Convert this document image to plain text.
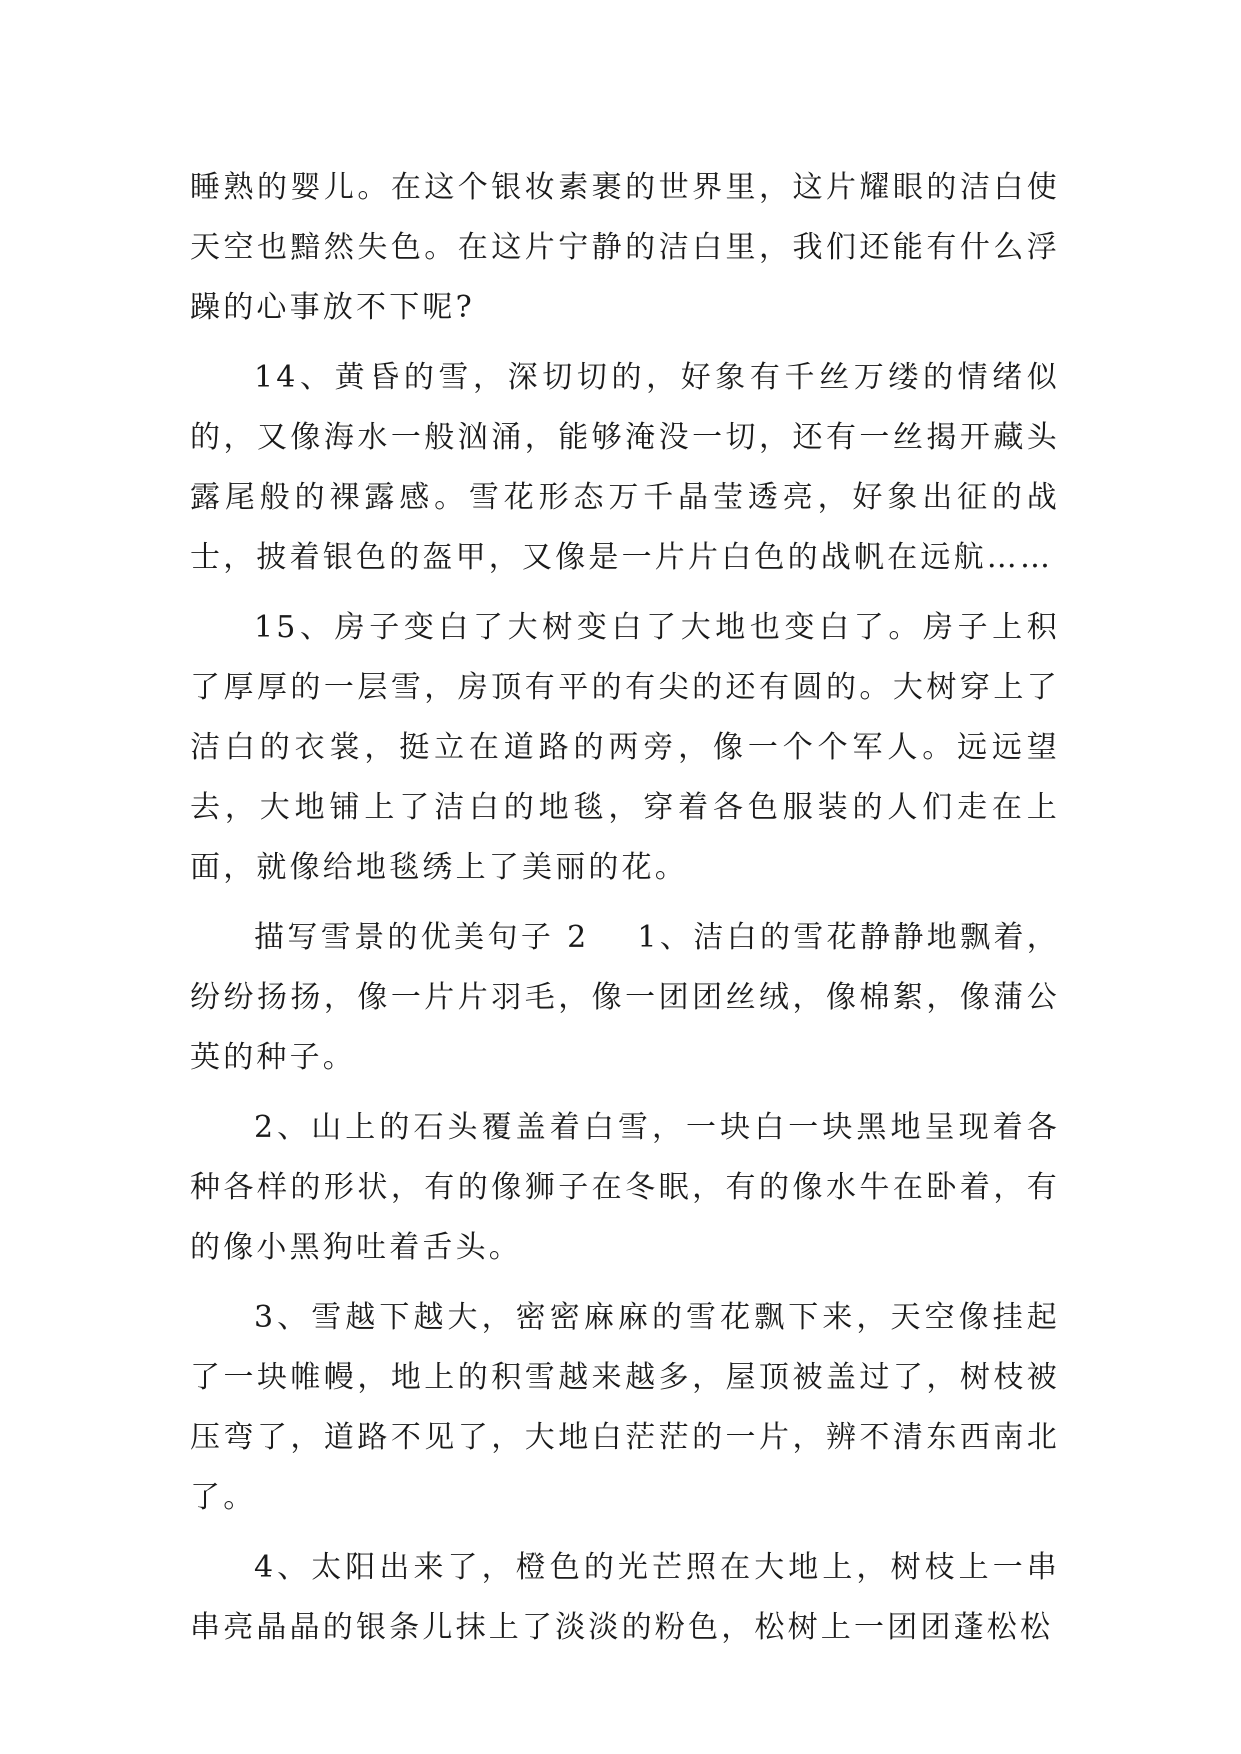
睡熟的婴儿。在这个银妆素裹的世界里，这片耀眼的洁白使天空也黯然失色。在这片宁静的洁白里，我们还能有什么浮躁的心事放不下呢?

14、黄昏的雪，深切切的，好象有千丝万缕的情绪似的，又像海水一般汹涌，能够淹没一切，还有一丝揭开藏头露尾般的裸露感。雪花形态万千晶莹透亮，好象出征的战士，披着银色的盔甲，又像是一片片白色的战帆在远航……

15、房子变白了大树变白了大地也变白了。房子上积了厚厚的一层雪，房顶有平的有尖的还有圆的。大树穿上了洁白的衣裳，挺立在道路的两旁，像一个个军人。远远望去，大地铺上了洁白的地毯，穿着各色服装的人们走在上面，就像给地毯绣上了美丽的花。

描写雪景的优美句子 2 1、洁白的雪花静静地飘着，纷纷扬扬，像一片片羽毛，像一团团丝绒，像棉絮，像蒲公英的种子。

2、山上的石头覆盖着白雪，一块白一块黑地呈现着各种各样的形状，有的像狮子在冬眠，有的像水牛在卧着，有的像小黑狗吐着舌头。

3、雪越下越大，密密麻麻的雪花飘下来，天空像挂起了一块帷幔，地上的积雪越来越多，屋顶被盖过了，树枝被压弯了，道路不见了，大地白茫茫的一片，辨不清东西南北了。

4、太阳出来了，橙色的光芒照在大地上，树枝上一串串亮晶晶的银条儿抹上了淡淡的粉色，松树上一团团蓬松松
